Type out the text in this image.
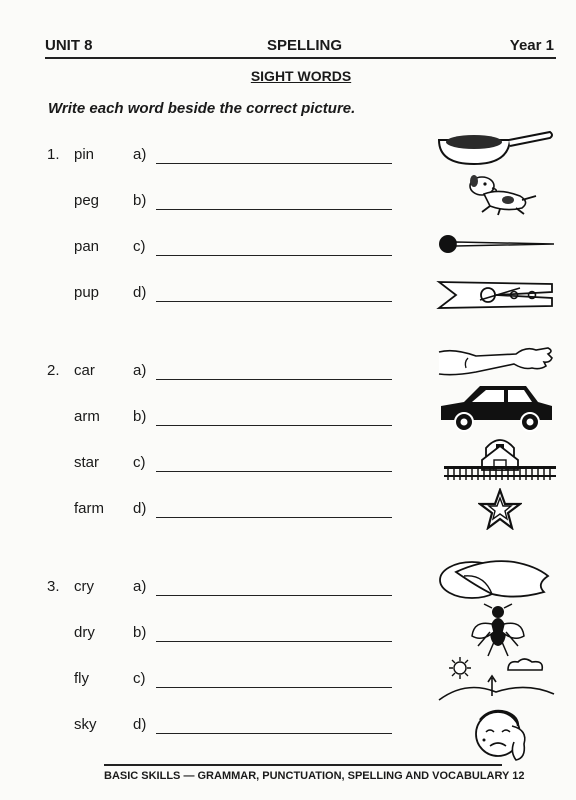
UNIT 8	SPELLING	Year 1
SIGHT WORDS
Write each word beside the correct picture.
1. pin	a)
peg b)
pan c)
pup d)
2. car	a)
arm b)
star c)
farm d)
3. cry	a)
dry	b)
fly	c)
sky d)
BASIC SKILLS — GRAMMAR, PUNCTUATION, SPELLING AND VOCABULARY 12
